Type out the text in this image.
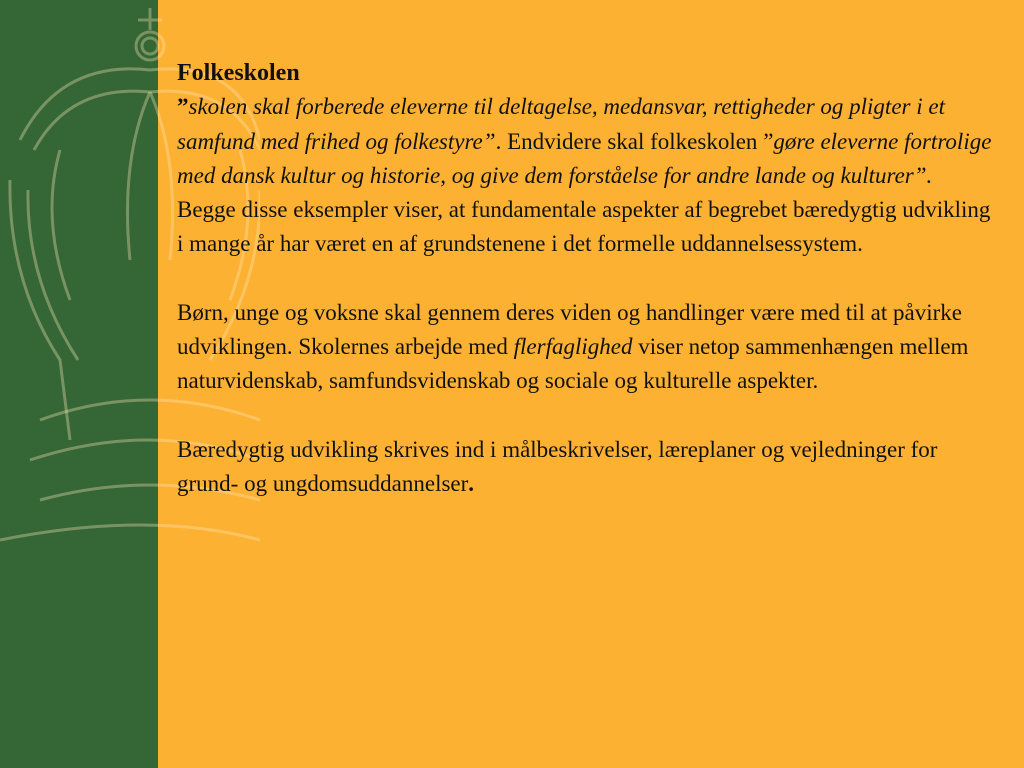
Folkeskolen

”skolen skal forberede eleverne til deltagelse, medansvar, rettigheder og pligter i et samfund med frihed og folkestyre”. Endvidere skal folkeskolen ”gøre eleverne fortrolige med dansk kultur og historie, og give dem forståelse for andre lande og kulturer”. Begge disse eksempler viser, at fundamentale aspekter af begrebet bæredygtig udvikling i mange år har været en af grundstenene i det formelle uddannelsessystem.

Børn, unge og voksne skal gennem deres viden og handlinger være med til at påvirke udviklingen. Skolernes arbejde med flerfaglighed viser netop sammenhængen mellem naturvidenskab, samfundsvidenskab og sociale og kulturelle aspekter.

Bæredygtig udvikling skrives ind i målbeskrivelser, læreplaner og vejledninger for grund- og ungdomsuddannelser.
